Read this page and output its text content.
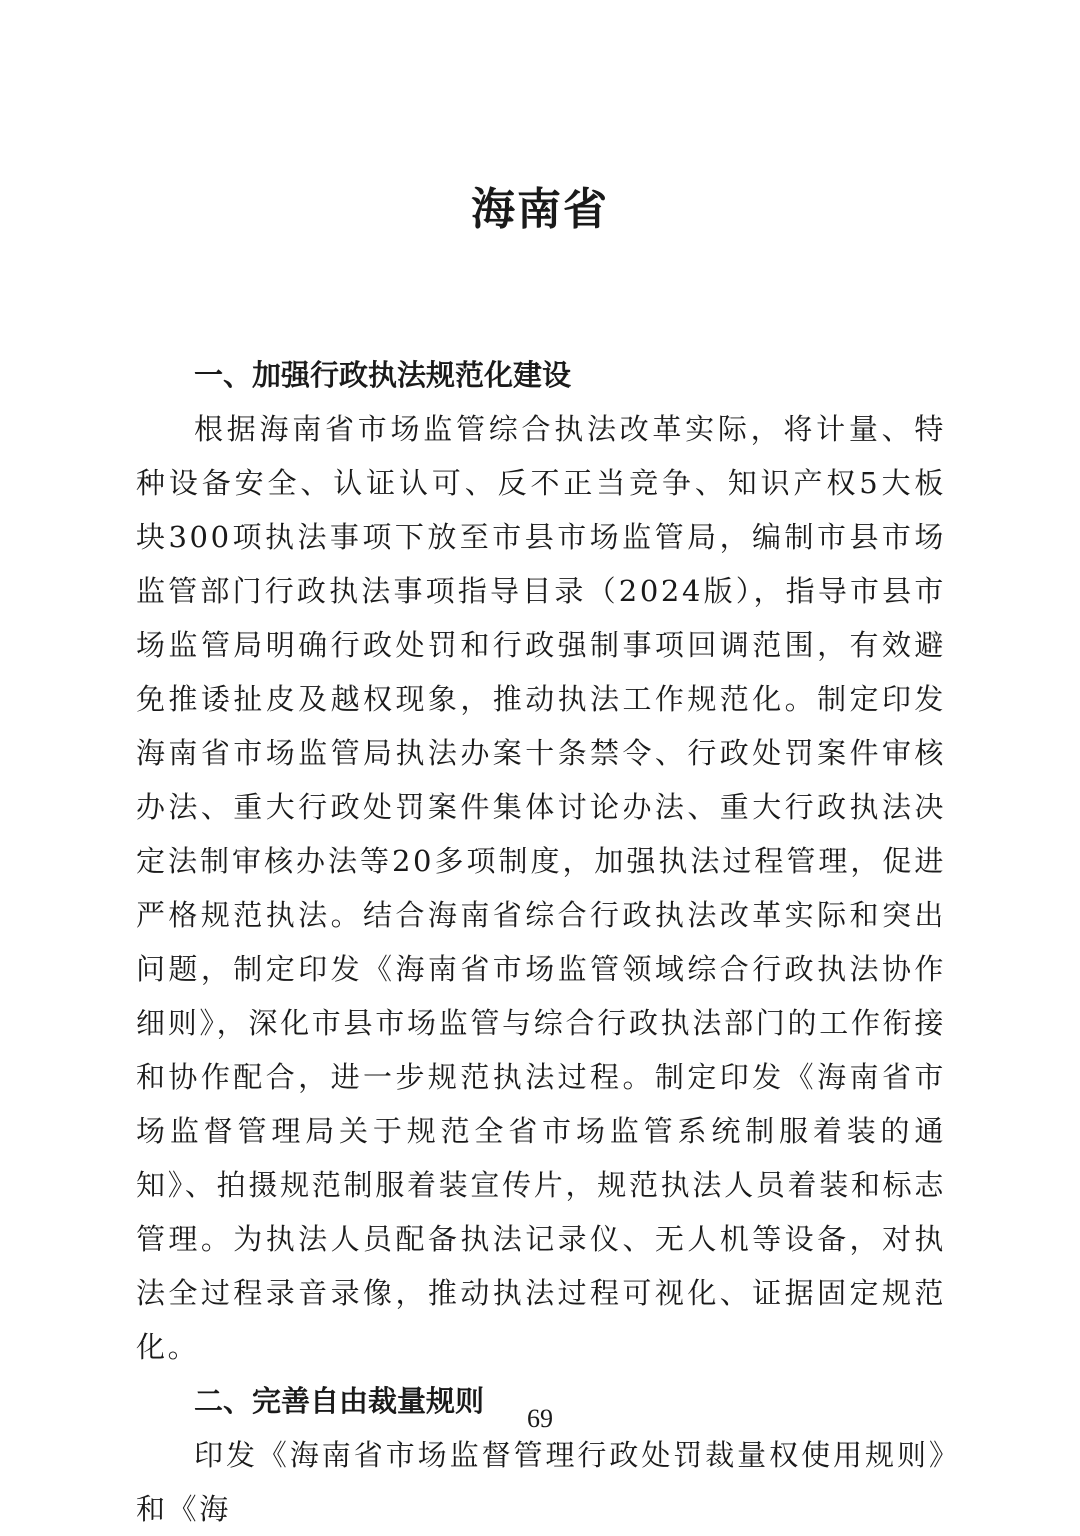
海南省

一、加强行政执法规范化建设

根据海南省市场监管综合执法改革实际，将计量、特种设备安全、认证认可、反不正当竞争、知识产权5大板块300项执法事项下放至市县市场监管局，编制市县市场监管部门行政执法事项指导目录（2024版），指导市县市场监管局明确行政处罚和行政强制事项回调范围，有效避免推诿扯皮及越权现象，推动执法工作规范化。制定印发海南省市场监管局执法办案十条禁令、行政处罚案件审核办法、重大行政处罚案件集体讨论办法、重大行政执法决定法制审核办法等20多项制度，加强执法过程管理，促进严格规范执法。结合海南省综合行政执法改革实际和突出问题，制定印发《海南省市场监管领域综合行政执法协作细则》，深化市县市场监管与综合行政执法部门的工作衔接和协作配合，进一步规范执法过程。制定印发《海南省市场监督管理局关于规范全省市场监管系统制服着装的通知》、拍摄规范制服着装宣传片，规范执法人员着装和标志管理。为执法人员配备执法记录仪、无人机等设备，对执法全过程录音录像，推动执法过程可视化、证据固定规范化。

二、完善自由裁量规则

印发《海南省市场监督管理行政处罚裁量权使用规则》和《海

69
